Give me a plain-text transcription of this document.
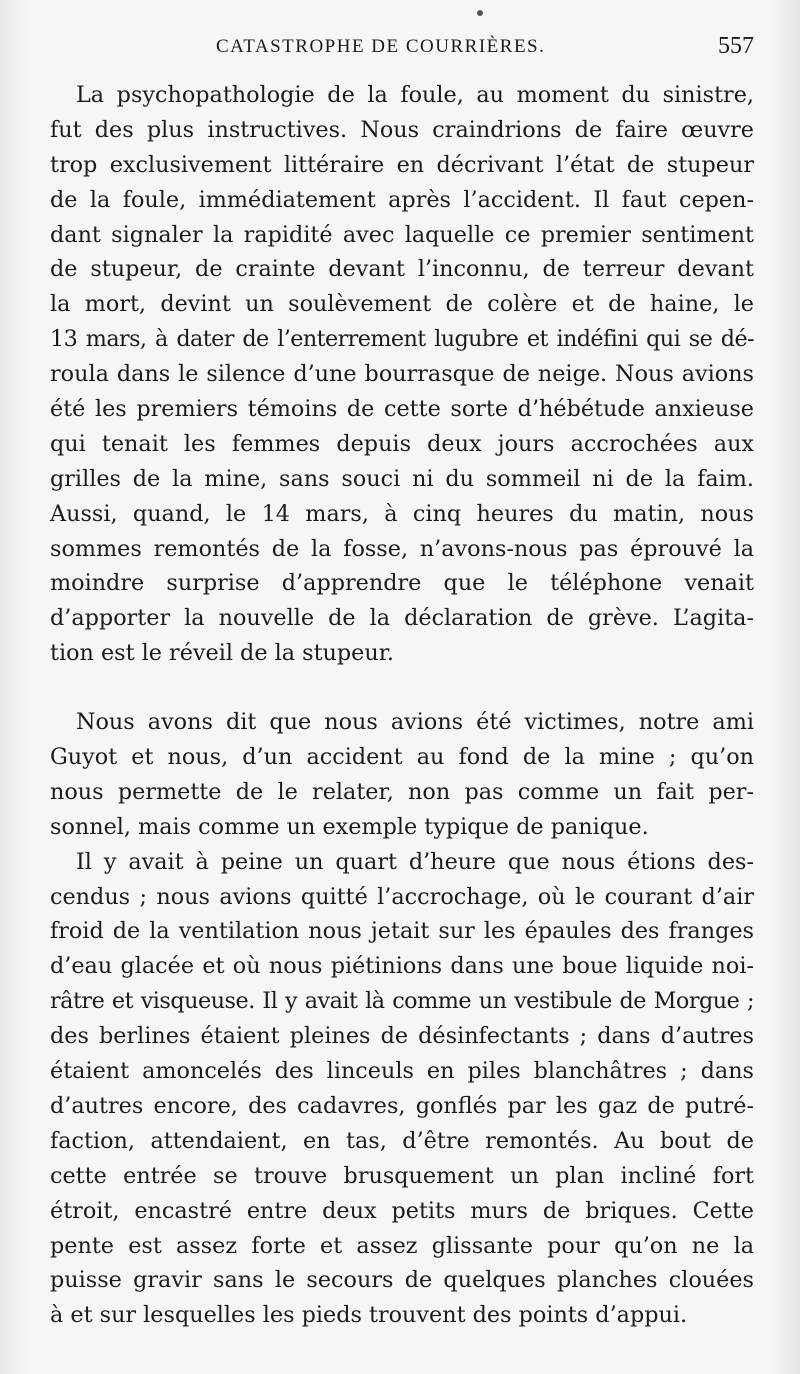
CATASTROPHE DE COURRIÈRES.	557
La psychopathologie de la foule, au moment du sinistre,
fut des plus instructives. Nous craindrions de faire œuvre
trop exclusivement littéraire en décrivant l’état de stupeur
de la foule, immédiatement après l’accident. Il faut cepen-
dant signaler la rapidité avec laquelle ce premier sentiment
de stupeur, de crainte devant l’inconnu, de terreur devant
la mort, devint un soulèvement de colère et de haine, le
13 mars, à dater de l’enterrement lugubre et indéfini qui se dé-
roula dans le silence d’une bourrasque de neige. Nous avions
été les premiers témoins de cette sorte d’hébétude anxieuse
qui tenait les femmes depuis deux jours accrochées aux
grilles de la mine, sans souci ni du sommeil ni de la faim.
Aussi, quand, le 14 mars, à cinq heures du matin, nous
sommes remontés de la fosse, n’avons-nous pas éprouvé la
moindre surprise d’apprendre que le téléphone venait
d’apporter la nouvelle de la déclaration de grève. L’agita-
tion est le réveil de la stupeur.
Nous avons dit que nous avions été victimes, notre ami
Guyot et nous, d’un accident au fond de la mine ; qu’on
nous permette de le relater, non pas comme un fait per-
sonnel, mais comme un exemple typique de panique.
Il y avait à peine un quart d’heure que nous étions des-
cendus ; nous avions quitté l’accrochage, où le courant d’air
froid de la ventilation nous jetait sur les épaules des franges
d’eau glacée et où nous piétinions dans une boue liquide noi-
râtre et visqueuse. Il y avait là comme un vestibule de Morgue ;
des berlines étaient pleines de désinfectants ; dans d’autres
étaient amoncelés des linceuls en piles blanchâtres ; dans
d’autres encore, des cadavres, gonflés par les gaz de putré-
faction, attendaient, en tas, d’être remontés. Au bout de
cette entrée se trouve brusquement un plan incliné fort
étroit, encastré entre deux petits murs de briques. Cette
pente est assez forte et assez glissante pour qu’on ne la
puisse gravir sans le secours de quelques planches clouées
à et sur lesquelles les pieds trouvent des points d’appui.
